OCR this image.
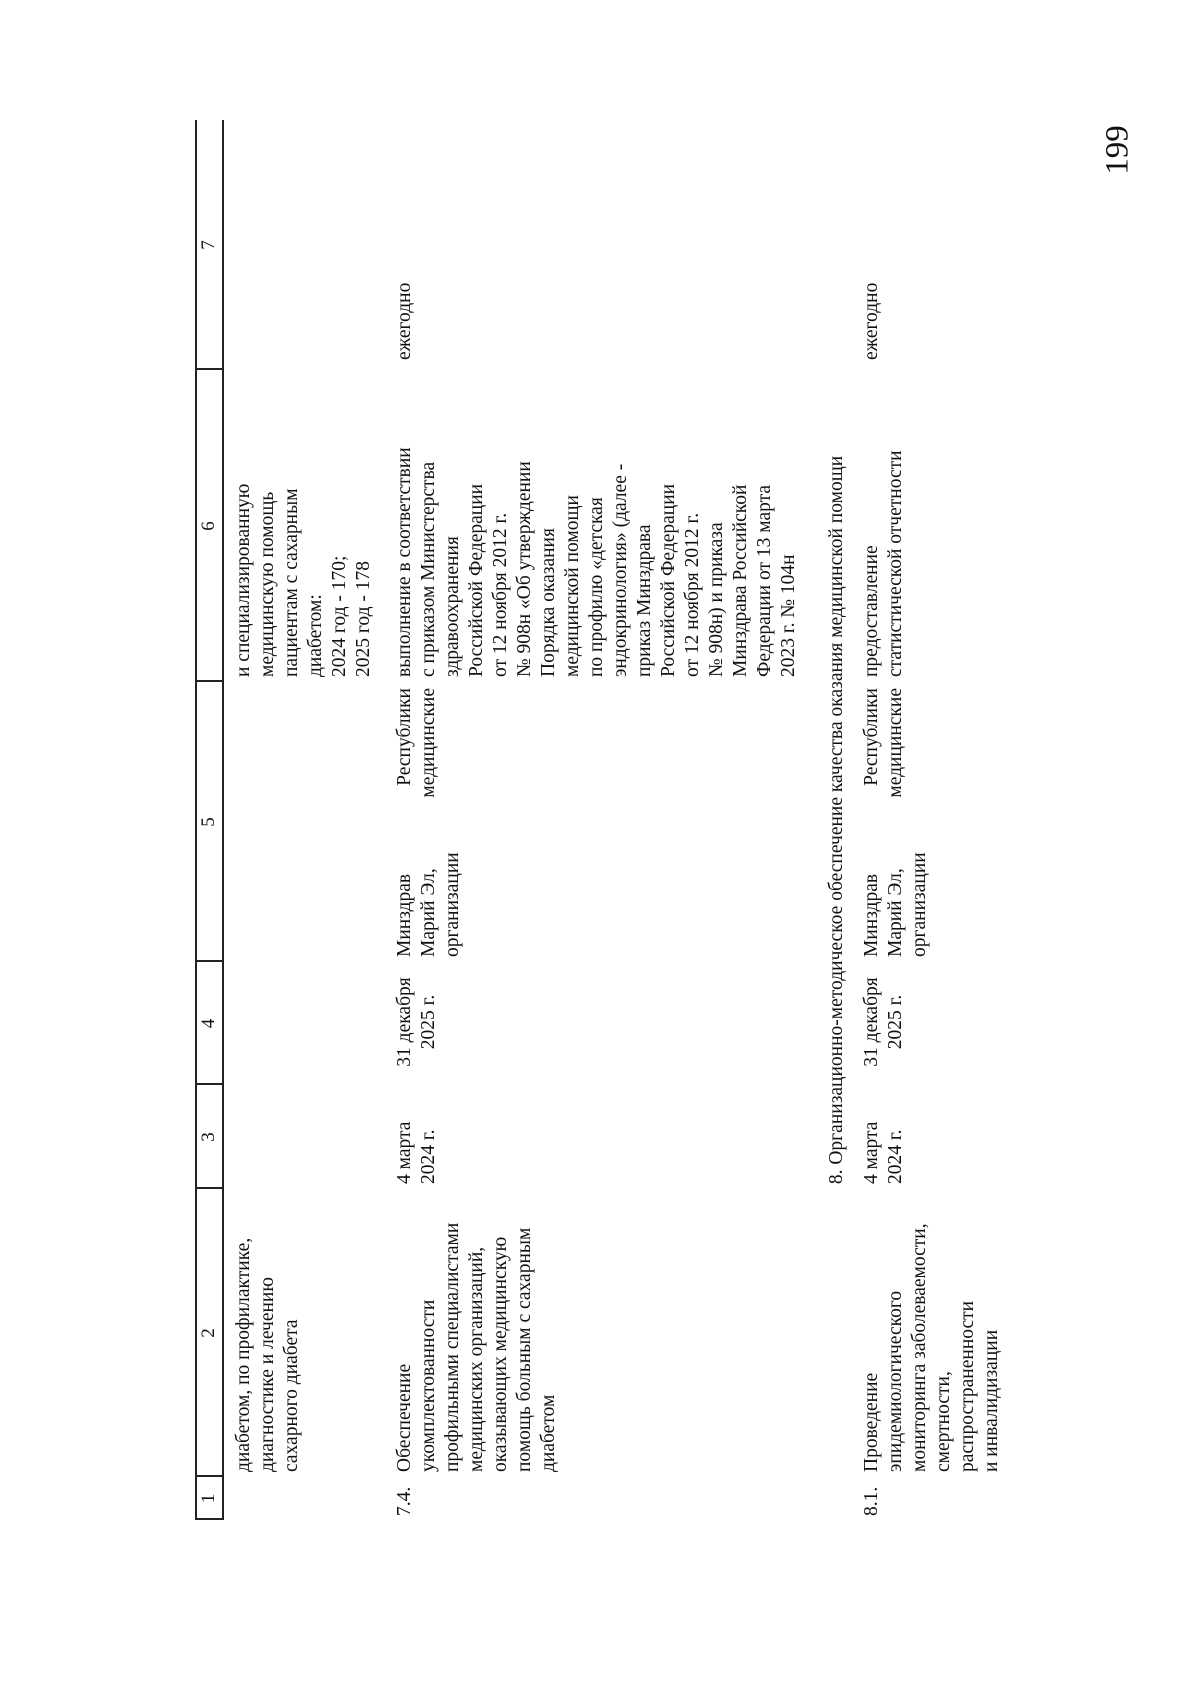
199
1
2
3
4
5
6
7
диабетом, по профилактике, диагностике и лечению сахарного диабета
и специализированную медицинскую помощь пациентам с сахарным диабетом: 2024 год - 170; 2025 год - 178
7.4.
Обеспечение укомплектованности профильными специалистами медицинских организаций, оказывающих медицинскую помощь больным с сахарным диабетом
4 марта 2024 г.
31 декабря 2025 г.
Минздрав Марий Эл, организации
Республики медицинские
выполнение в соответствии с приказом Министерства здравоохранения Российской Федерации от 12 ноября 2012 г. № 908н «Об утверждении Порядка оказания медицинской помощи по профилю «детская эндокринология» (далее - приказ Минздрава Российской Федерации от 12 ноября 2012 г. № 908н) и приказа Минздрава Российской Федерации от 13 марта 2023 г. № 104н
ежегодно
8. Организационно-методическое обеспечение качества оказания медицинской помощи
8.1.
Проведение эпидемиологического мониторинга заболеваемости, смертности, распространенности и инвалидизации
4 марта 2024 г.
31 декабря 2025 г.
Минздрав Марий Эл, организации
Республики медицинские
предоставление статистической отчетности
ежегодно
